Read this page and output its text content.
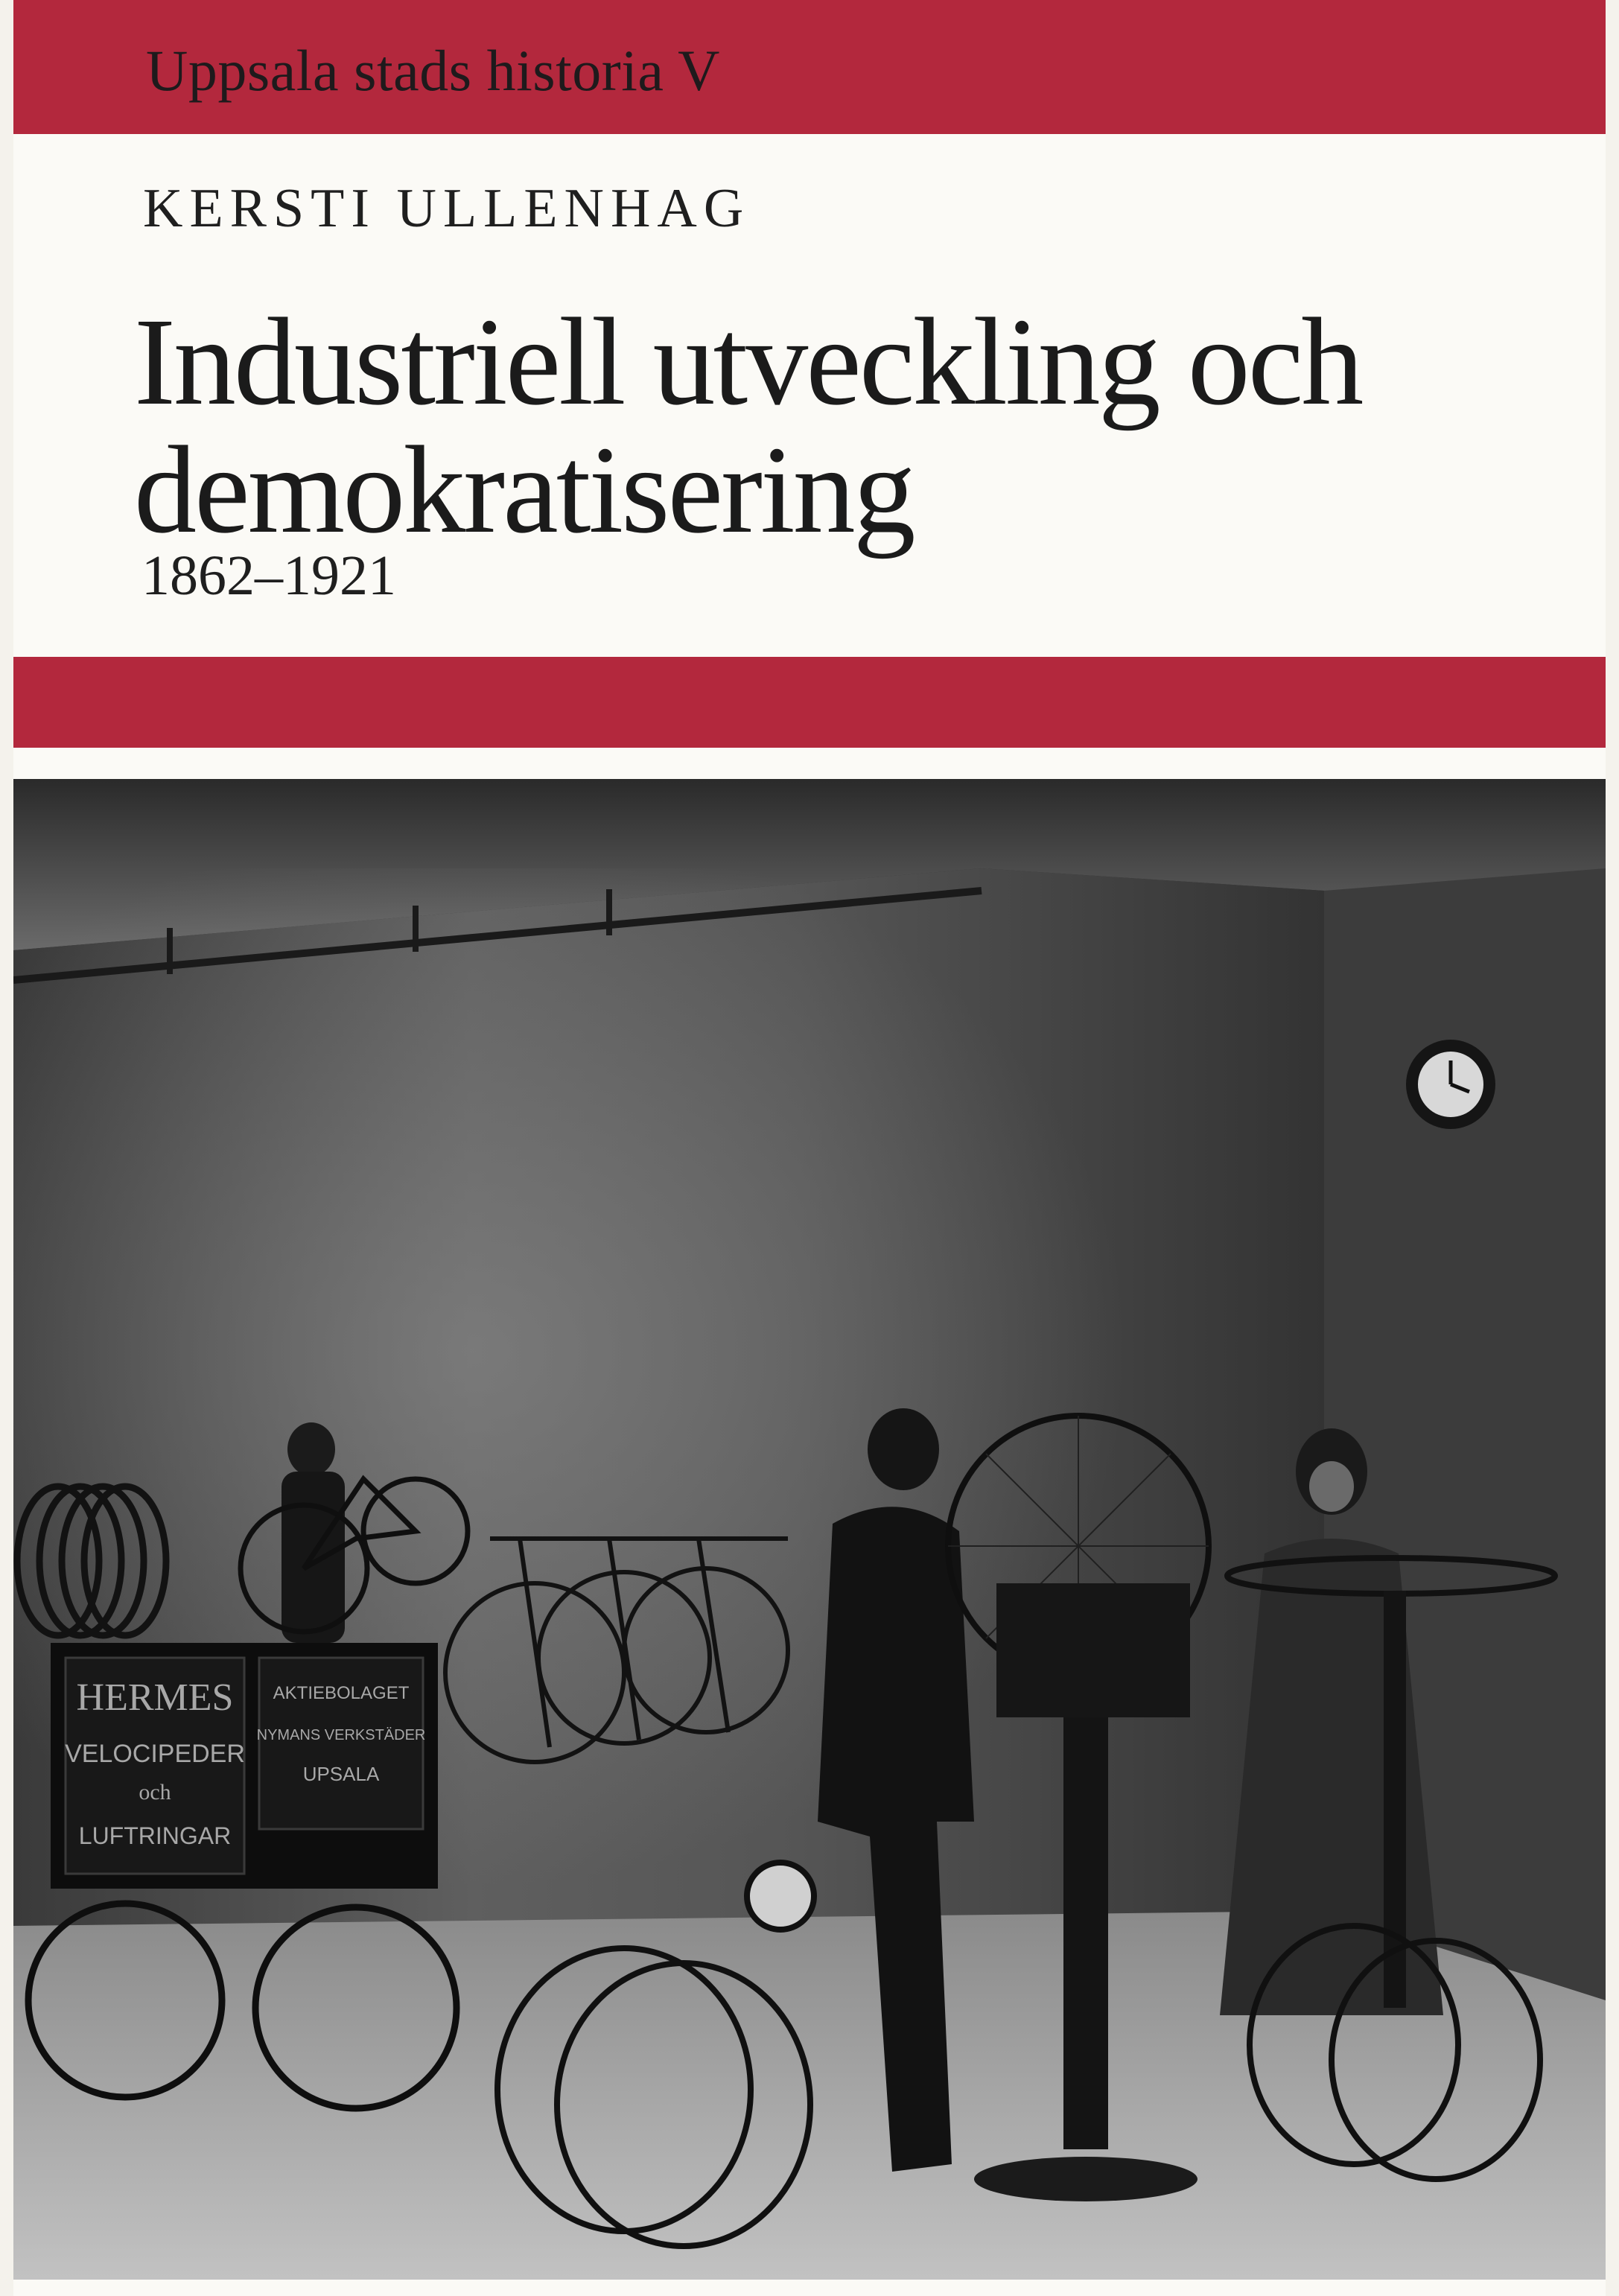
Uppsala stads historia V
KERSTI ULLENHAG
Industriell utveckling och
demokratisering
1862–1921
HERMES
VELOCIPEDER
och
LUFTRINGAR
AKTIEBOLAGET
NYMANS VERKSTÄDER
UPSALA
